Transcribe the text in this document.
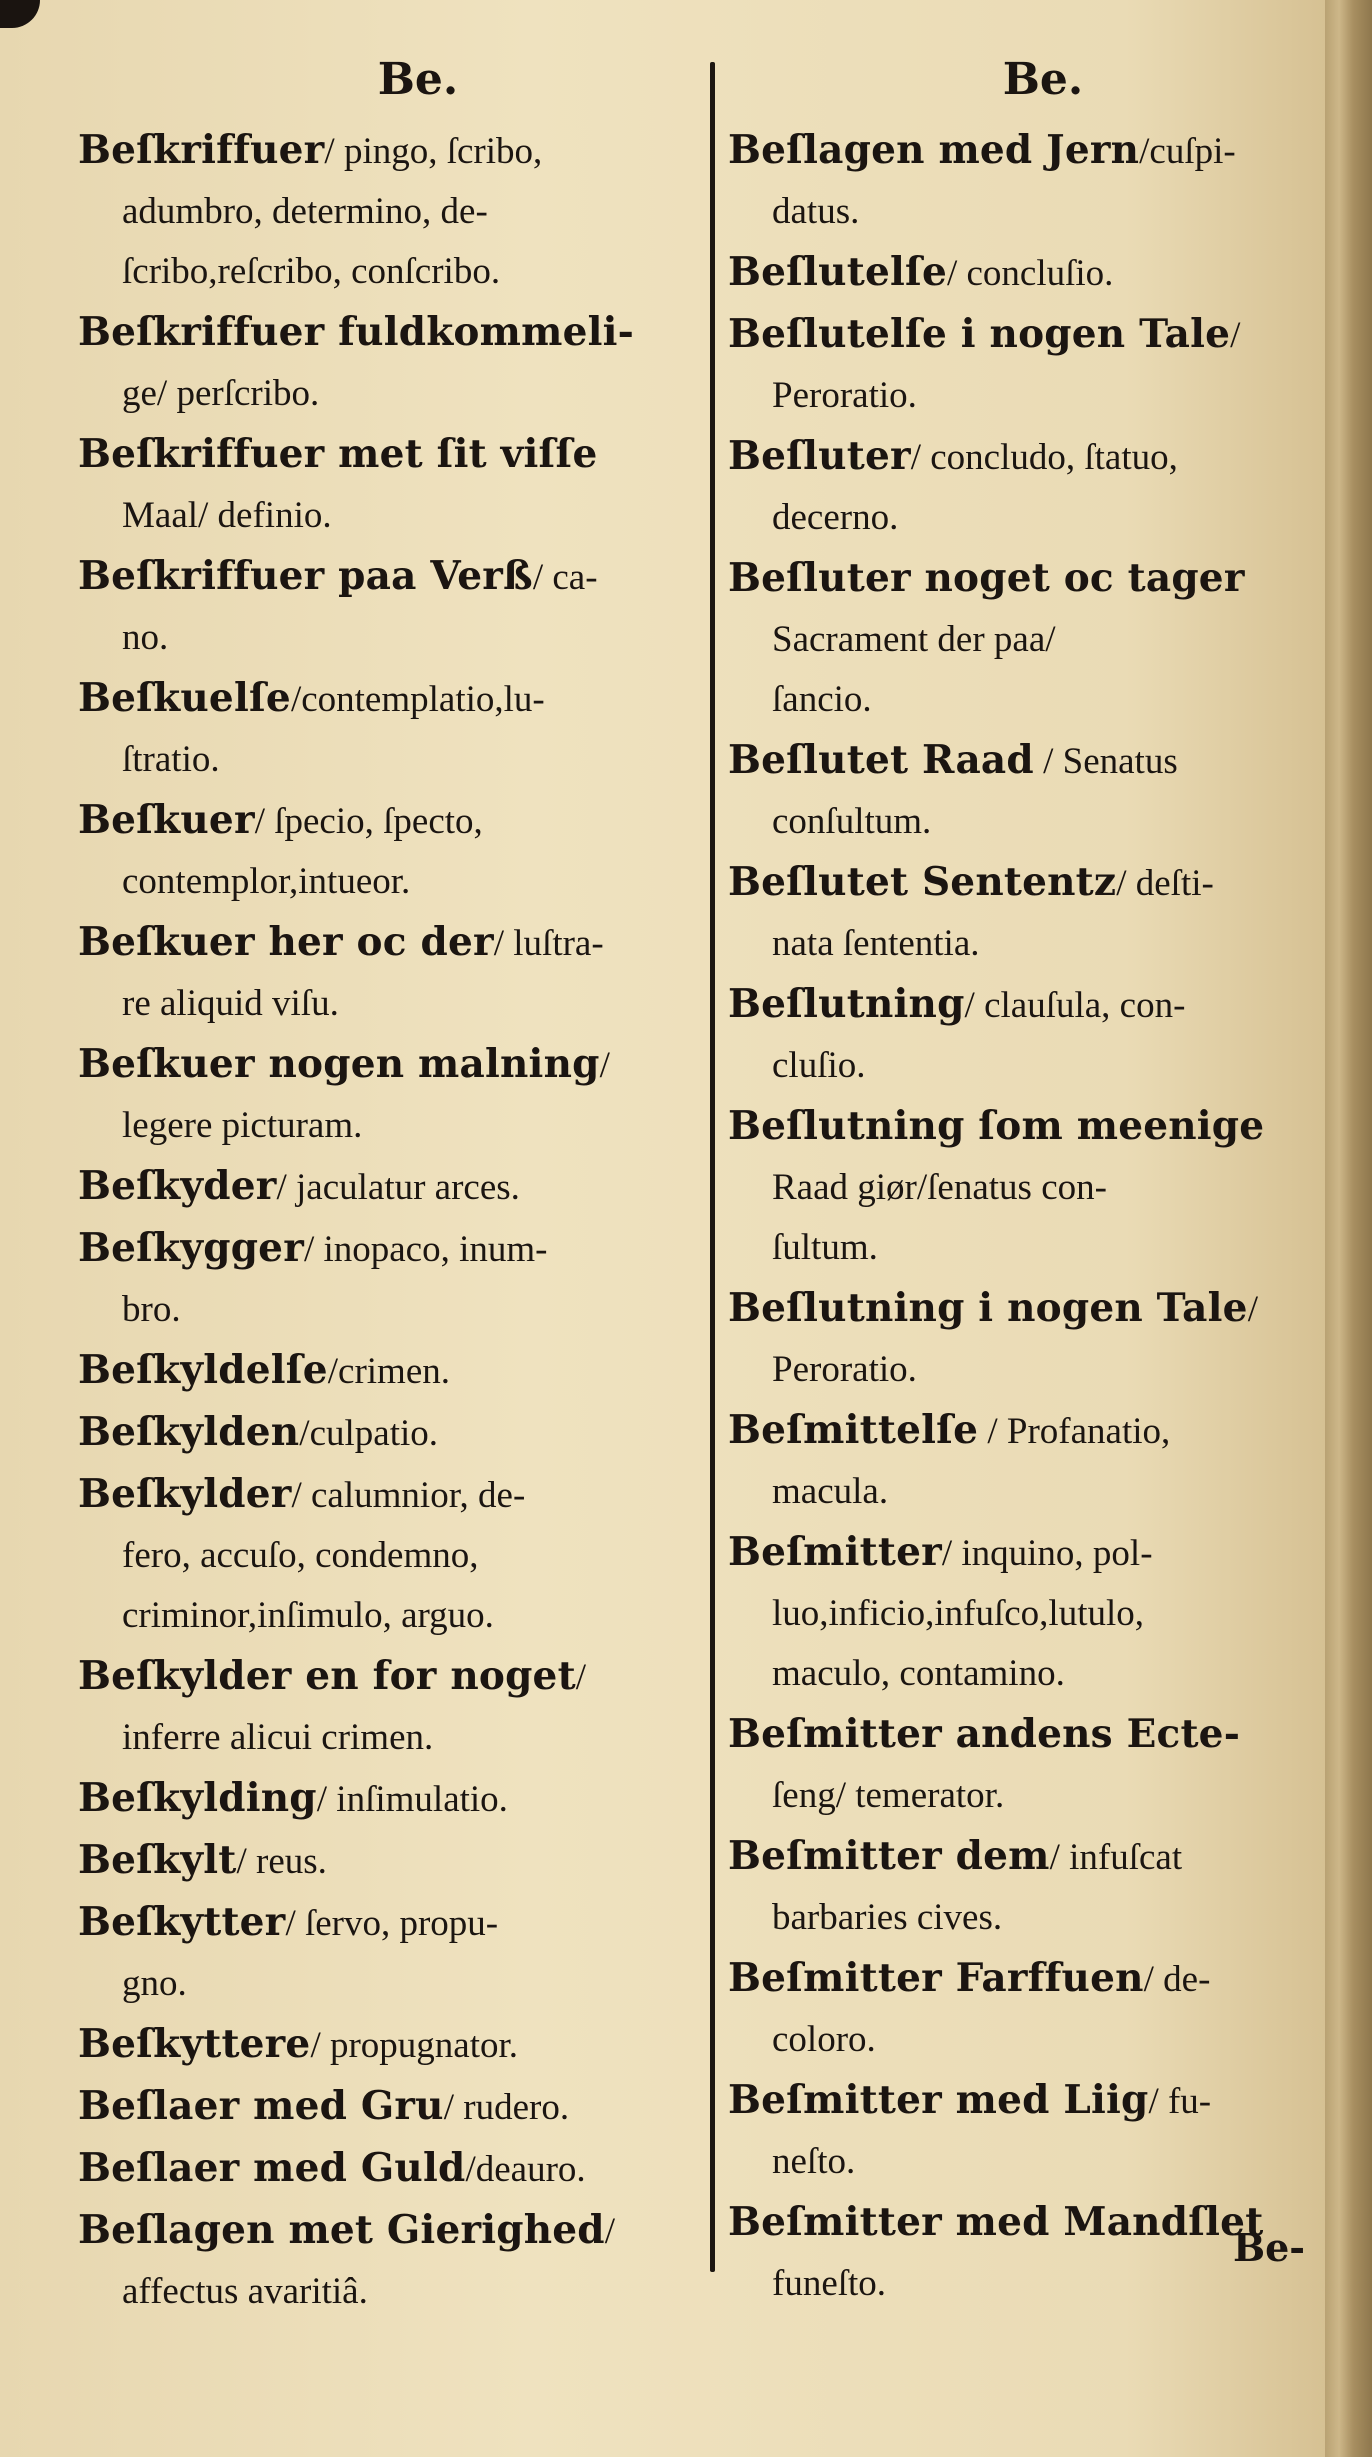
Be.
Beſkriffuer/ pingo, ſcribo,
adumbro, determino, de-
ſcribo,reſcribo, conſcribo.
Beſkriffuer fuldkommeli-
ge/ perſcribo.
Beſkriffuer met ſit viſſe
Maal/ definio.
Beſkriffuer paa Verß/ ca-
no.
Beſkuelſe/contemplatio,lu-
ſtratio.
Beſkuer/ ſpecio, ſpecto,
contemplor,intueor.
Beſkuer her oc der/ luſtra-
re aliquid viſu.
Beſkuer nogen malning/
legere picturam.
Beſkyder/ jaculatur arces.
Beſkygger/ inopaco, inum-
bro.
Beſkyldelſe/crimen.
Beſkylden/culpatio.
Beſkylder/ calumnior, de-
fero, accuſo, condemno,
criminor,inſimulo, arguo.
Beſkylder en for noget/
inferre alicui crimen.
Beſkylding/ inſimulatio.
Beſkylt/ reus.
Beſkytter/ ſervo, propu-
gno.
Beſkyttere/ propugnator.
Beſlaer med Gru/ rudero.
Beſlaer med Guld/deauro.
Beſlagen met Gierighed/
affectus avaritiâ.
Be.
Beſlagen med Jern/cuſpi-
datus.
Beſlutelſe/ concluſio.
Beſlutelſe i nogen Tale/
Peroratio.
Beſluter/ concludo, ſtatuo,
decerno.
Beſluter noget oc tager
Sacrament der paa/
ſancio.
Beſlutet Raad / Senatus
conſultum.
Beſlutet Sententz/ deſti-
nata ſententia.
Beſlutning/ clauſula, con-
cluſio.
Beſlutning ſom meenige
Raad giør/ſenatus con-
ſultum.
Beſlutning i nogen Tale/
Peroratio.
Beſmittelſe / Profanatio,
macula.
Beſmitter/ inquino, pol-
luo,inficio,infuſco,lutulo,
maculo, contamino.
Beſmitter andens Ecte-
ſeng/ temerator.
Beſmitter dem/ infuſcat
barbaries cives.
Beſmitter Farffuen/ de-
coloro.
Beſmitter med Liig/ fu-
neſto.
Beſmitter med Mandſlet
funeſto.
Be-
